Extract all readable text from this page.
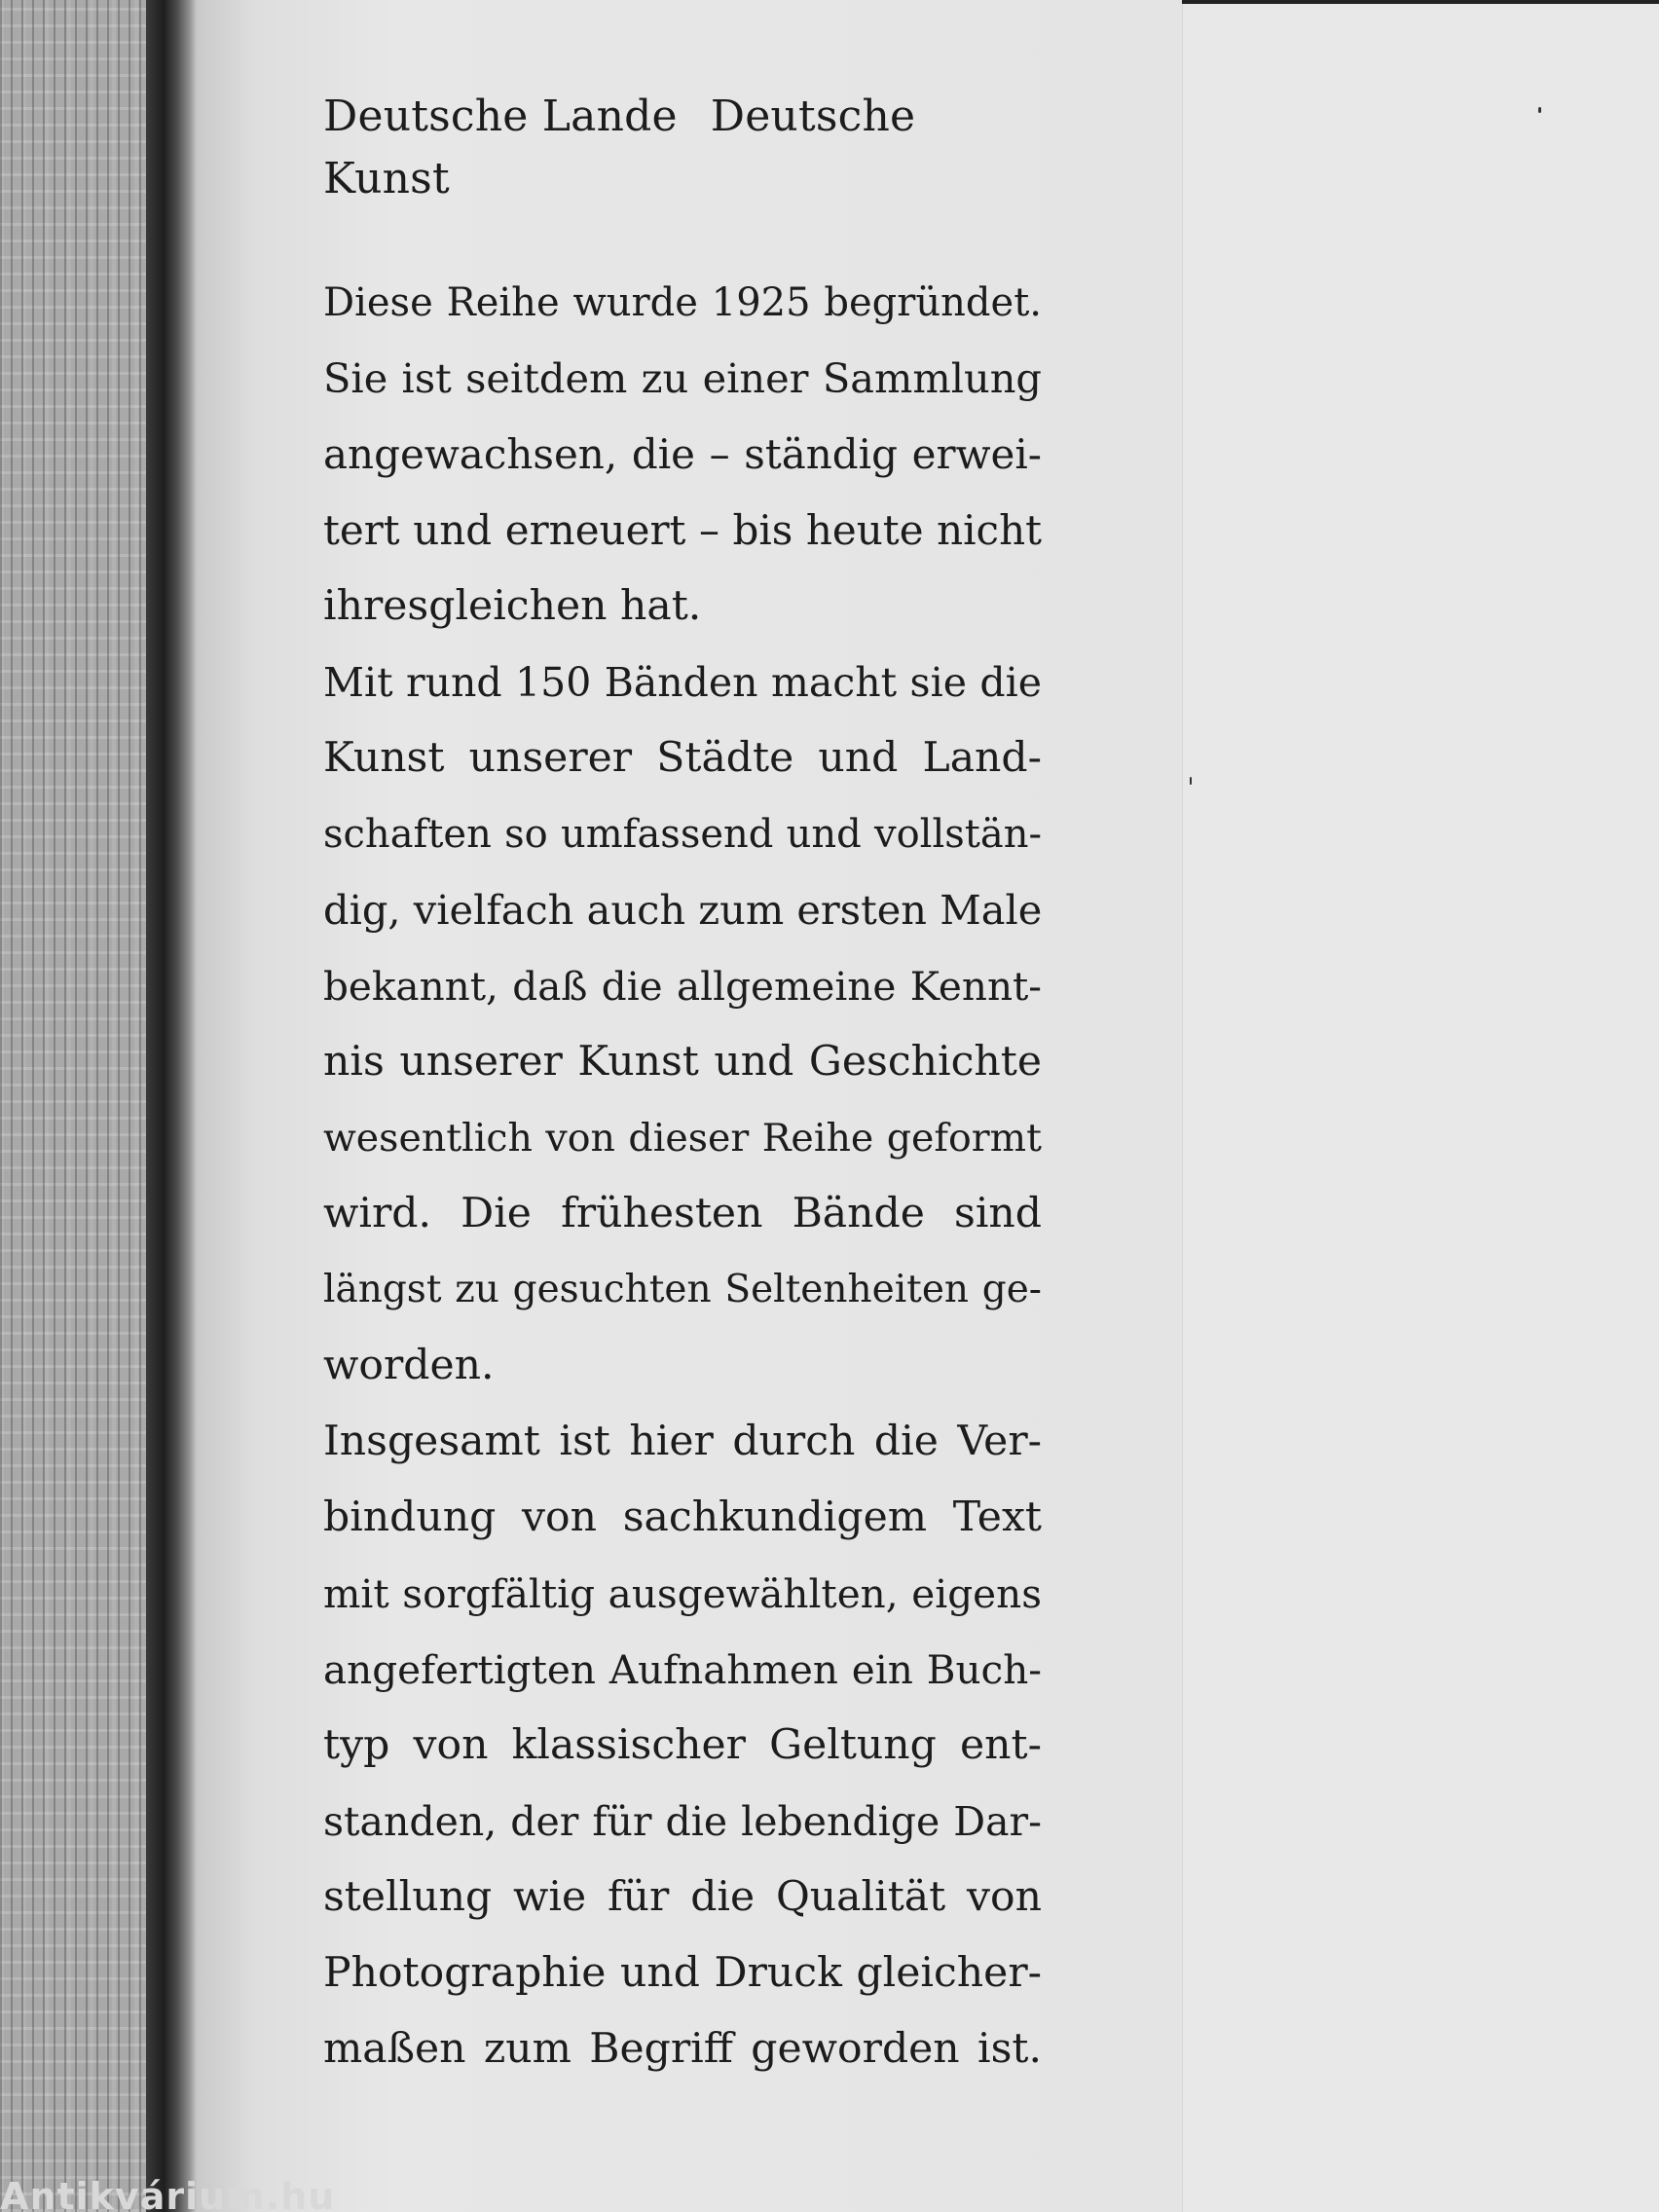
Deutsche Lande Deutsche Kunst
Diese Reihe wurde 1925 begründet.
Sie ist seitdem zu einer Sammlung
angewachsen, die – ständig erwei-
tert und erneuert – bis heute nicht
ihresgleichen hat.
Mit rund 150 Bänden macht sie die
Kunst unserer Städte und Land-
schaften so umfassend und vollstän-
dig, vielfach auch zum ersten Male
bekannt, daß die allgemeine Kennt-
nis unserer Kunst und Geschichte
wesentlich von dieser Reihe geformt
wird. Die frühesten Bände sind
längst zu gesuchten Seltenheiten ge-
worden.
Insgesamt ist hier durch die Ver-
bindung von sachkundigem Text
mit sorgfältig ausgewählten, eigens
angefertigten Aufnahmen ein Buch-
typ von klassischer Geltung ent-
standen, der für die lebendige Dar-
stellung wie für die Qualität von
Photographie und Druck gleicher-
maßen zum Begriff geworden ist.
Antikvárium.hu
